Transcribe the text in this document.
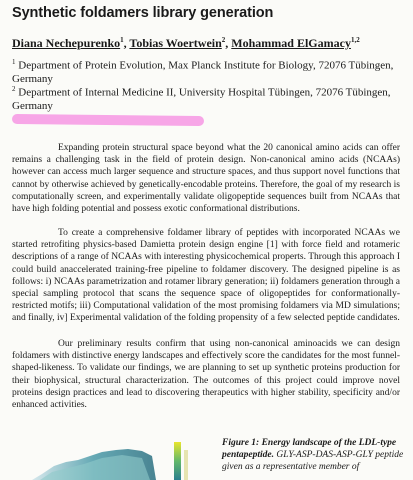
Synthetic foldamers library generation
Diana Nechepurenko$^1$, Tobias Woertwein$^2$, Mohammad ElGamacy$^{1,2}$
$^1$ Department of Protein Evolution, Max Planck Institute for Biology, 72076 Tübingen, Germany
$^2$ Department of Internal Medicine II, University Hospital Tübingen, 72076 Tübingen, Germany

Expanding protein structural space beyond what the 20 canonical amino acids can offer remains a challenging task in the field of protein design. Non-canonical amino acids (NCAAs) however can access much larger sequence and structure spaces, and thus support novel functions that cannot by otherwise achieved by genetically-encodable proteins. Therefore, the goal of my research is computationally screen, and experimentally validate oligopeptide sequences built from NCAAs that have high folding potential and possess exotic conformational distributions.

To create a comprehensive foldamer library of peptides with incorporated NCAAs we started retrofiting physics-based Damietta protein design engine [1] with force field and rotameric descriptions of a range of NCAAs with interesting physicochemical properts. Through this approach I could build anaccelerated training-free pipeline to foldamer discovery. The designed pipeline is as follows: i) NCAAs parametrization and rotamer library generation; ii) foldamers generation through a special sampling protocol that scans the sequence space of oligopeptides for conformationally-restricted motifs; iii) Computational validation of the most promising foldamers via MD simulations; and finally, iv] Experimental validation of the folding propensity of a few selected peptide candidates.

Our preliminary results confirm that using non-canonical aminoacids we can design foldamers with distinctive energy landscapes and effectively score the candidates for the most funnel-shaped-likeness. To validate our findings, we are planning to set up synthetic proteins production for their biophysical, structural characterization. The outcomes of this project could improve novel proteins design practices and lead to discovering therapeutics with higher stability, specificity and/or enhanced activities.

Figure 1: Energy landscape of the LDL-type pentapeptide. GLY-ASP-DAS-ASP-GLY peptide given as a representative member of
